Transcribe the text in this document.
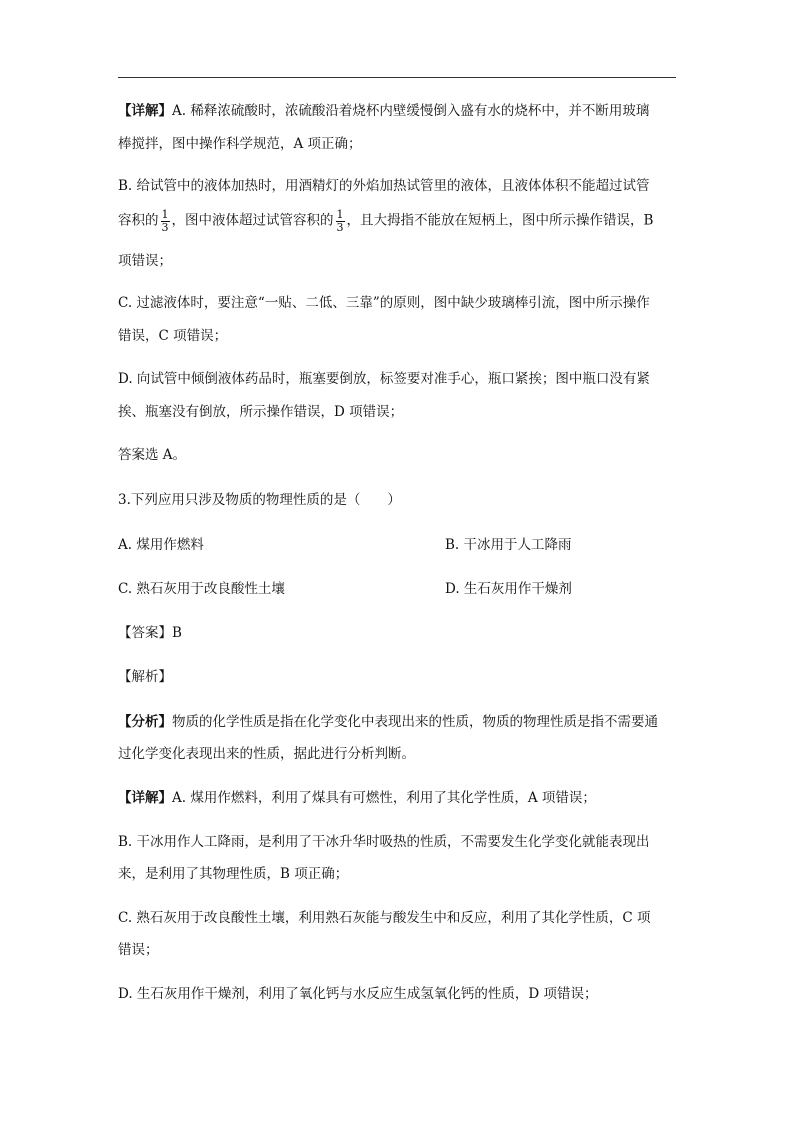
【详解】A. 稀释浓硫酸时，浓硫酸沿着烧杯内壁缓慢倒入盛有水的烧杯中，并不断用玻璃
棒搅拌，图中操作科学规范，A 项正确；
B. 给试管中的液体加热时，用酒精灯的外焰加热试管里的液体，且液体体积不能超过试管
容积的 $\frac{1}{3}$ ，图中液体超过试管容积的 $\frac{1}{3}$ ，且大拇指不能放在短柄上，图中所示操作错误，B
项错误；
C. 过滤液体时，要注意“一贴、二低、三靠”的原则，图中缺少玻璃棒引流，图中所示操作
错误，C 项错误；
D. 向试管中倾倒液体药品时，瓶塞要倒放，标签要对准手心，瓶口紧挨；图中瓶口没有紧
挨、瓶塞没有倒放，所示操作错误，D 项错误；
答案选 A。
3.下列应用只涉及物质的物理性质的是（　　）
A. 煤用作燃料	B. 干冰用于人工降雨
C. 熟石灰用于改良酸性土壤	D. 生石灰用作干燥剂
【答案】B
【解析】
【分析】物质的化学性质是指在化学变化中表现出来的性质，物质的物理性质是指不需要通
过化学变化表现出来的性质，据此进行分析判断。
【详解】A. 煤用作燃料，利用了煤具有可燃性，利用了其化学性质，A 项错误；
B. 干冰用作人工降雨，是利用了干冰升华时吸热的性质，不需要发生化学变化就能表现出
来，是利用了其物理性质，B 项正确；
C. 熟石灰用于改良酸性土壤，利用熟石灰能与酸发生中和反应，利用了其化学性质，C 项
错误；
D. 生石灰用作干燥剂，利用了氧化钙与水反应生成氢氧化钙的性质，D 项错误；
